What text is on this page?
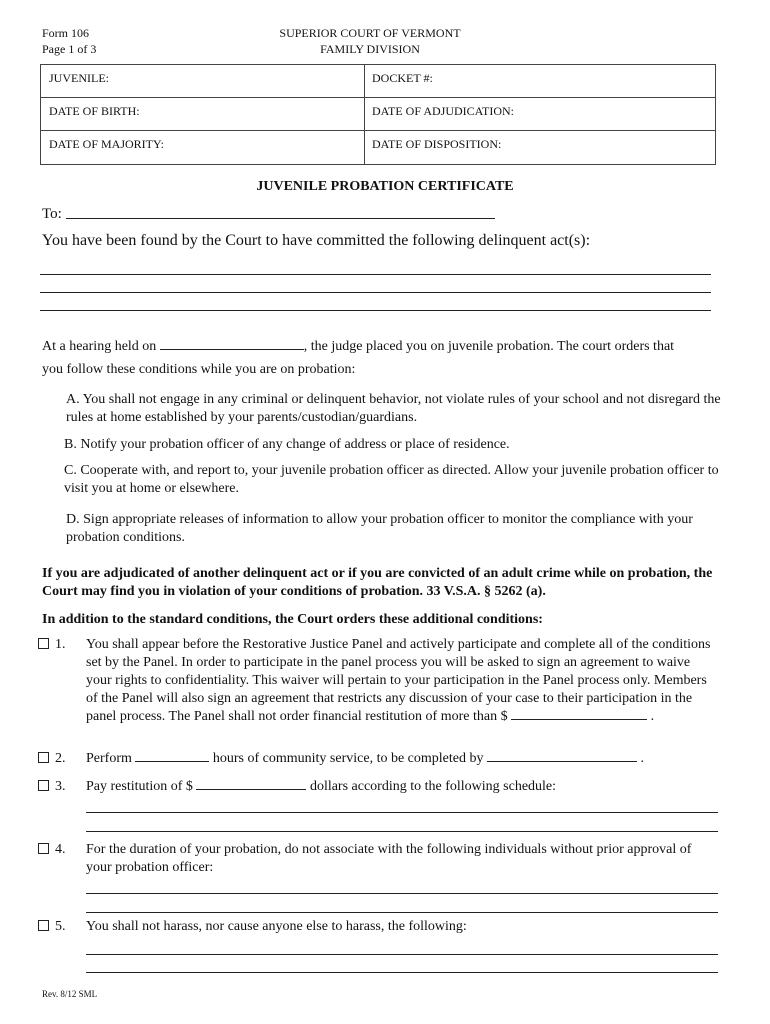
Form 106
Page 1 of 3
SUPERIOR COURT OF VERMONT
FAMILY DIVISION
JUVENILE:	DOCKET #:
DATE OF BIRTH:	DATE OF ADJUDICATION:
DATE OF MAJORITY:	DATE OF DISPOSITION:
JUVENILE PROBATION CERTIFICATE
To:
You have been found by the Court to have committed the following delinquent act(s):
At a hearing held on	, the judge placed you on juvenile probation. The court orders that
you follow these conditions while you are on probation:
A. You shall not engage in any criminal or delinquent behavior, not violate rules of your school and not disregard the rules at home established by your parents/custodian/guardians.
B. Notify your probation officer of any change of address or place of residence.
C. Cooperate with, and report to, your juvenile probation officer as directed. Allow your juvenile probation officer to visit you at home or elsewhere.
D. Sign appropriate releases of information to allow your probation officer to monitor the compliance with your probation conditions.
If you are adjudicated of another delinquent act or if you are convicted of an adult crime while on probation, the Court may find you in violation of your conditions of probation. 33 V.S.A. § 5262 (a).
In addition to the standard conditions, the Court orders these additional conditions:
1. You shall appear before the Restorative Justice Panel and actively participate and complete all of the conditions set by the Panel. In order to participate in the panel process you will be asked to sign an agreement to waive your rights to confidentiality. This waiver will pertain to your participation in the Panel process only. Members of the Panel will also sign an agreement that restricts any discussion of your case to their participation in the panel process. The Panel shall not order financial restitution of more than $	.
2. Perform	hours of community service, to be completed by	.
3. Pay restitution of $	dollars according to the following schedule:
4. For the duration of your probation, do not associate with the following individuals without prior approval of your probation officer:
5. You shall not harass, nor cause anyone else to harass, the following:
Rev. 8/12 SML
